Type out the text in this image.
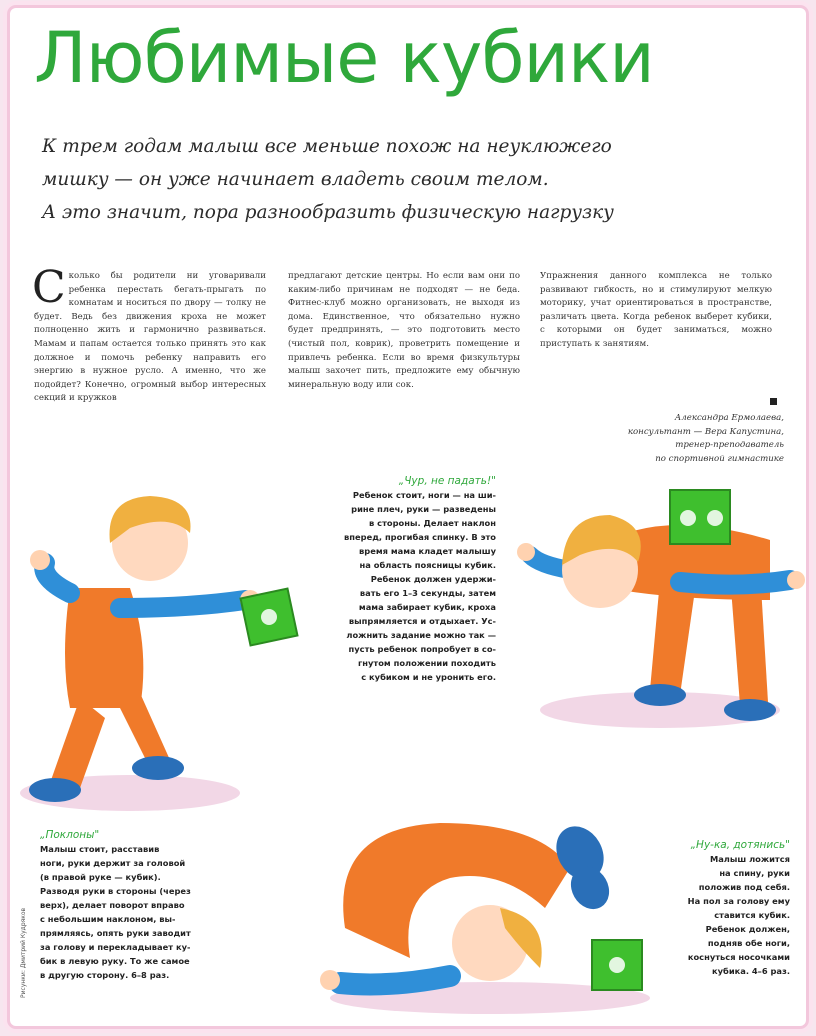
Любимые кубики
К трем годам малыш все меньше похож на неуклюжего
мишку — он уже начинает владеть своим телом.
А это значит, пора разнообразить физическую нагрузку
С колько бы родители ни уговаривали ребенка перестать бегать-прыгать по комнатам и носиться по двору — толку не будет. Ведь без движения кроха не может полноценно жить и гармонично развиваться. Мамам и папам остается только принять это как должное и помочь ребенку направить его энергию в нужное русло. А именно, что же подойдет? Конечно, огромный выбор интересных секций и кружков
предлагают детские центры. Но если вам они по каким-либо причинам не подходят — не беда. Фитнес-клуб можно организовать, не выходя из дома. Единственное, что обязательно нужно будет предпринять, — это подготовить место (чистый пол, коврик), проветрить помещение и привлечь ребенка. Если во время физкультуры малыш захочет пить, предложите ему обычную минеральную воду или сок.
Упражнения данного комплекса не только развивают гибкость, но и стимулируют мелкую моторику, учат ориентироваться в пространстве, различать цвета. Когда ребенок выберет кубики, с которыми он будет заниматься, можно приступать к занятиям.
Александра Ермолаева,
консультант — Вера Капустина,
тренер-преподаватель
по спортивной гимнастике
„Чур, не падать!"
Ребенок стоит, ноги — на ши-
рине плеч, руки — разведены
в стороны. Делает наклон
вперед, прогибая спинку. В это
время мама кладет малышу
на область поясницы кубик.
Ребенок должен удержи-
вать его 1–3 секунды, затем
мама забирает кубик, кроха
выпрямляется и отдыхает. Ус-
ложнить задание можно так —
пусть ребенок попробует в со-
гнутом положении походить
с кубиком и не уронить его.
„Поклоны"
Малыш стоит, расставив
ноги, руки держит за головой
(в правой руке — кубик).
Разводя руки в стороны (через
верх), делает поворот вправо
с небольшим наклоном, вы-
прямляясь, опять руки заводит
за голову и перекладывает ку-
бик в левую руку. То же самое
в другую сторону. 6–8 раз.
„Ну-ка, дотянись"
Малыш ложится
на спину, руки
положив под себя.
На пол за голову ему
ставится кубик.
Ребенок должен,
подняв обе ноги,
коснуться носочками
кубика. 4–6 раз.
Рисунки: Дмитрий Кудряков
